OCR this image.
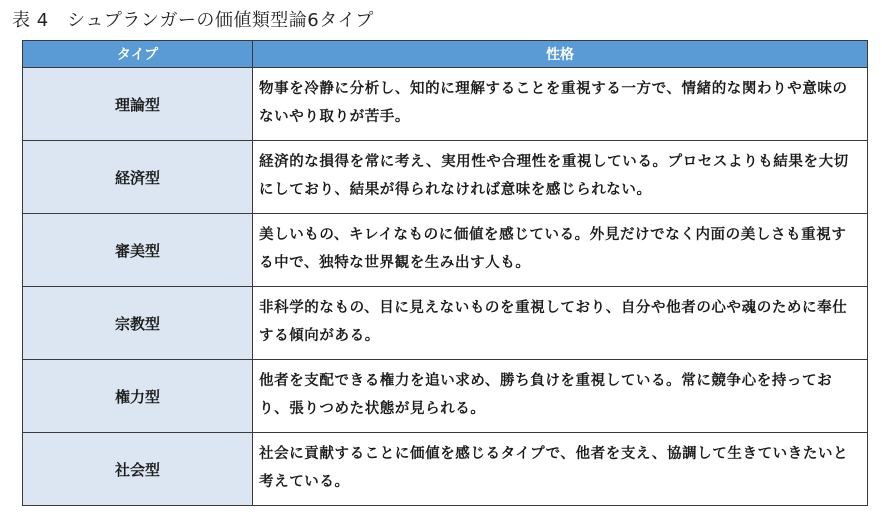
表 4　シュプランガーの価値類型論6タイプ
タイプ	性格
理論型	物事を冷静に分析し、知的に理解することを重視する一方で、情緒的な関わりや意味のないやり取りが苦手。
経済型	経済的な損得を常に考え、実用性や合理性を重視している。プロセスよりも結果を大切にしており、結果が得られなければ意味を感じられない。
審美型	美しいもの、キレイなものに価値を感じている。外見だけでなく内面の美しさも重視する中で、独特な世界観を生み出す人も。
宗教型	非科学的なもの、目に見えないものを重視しており、自分や他者の心や魂のために奉仕する傾向がある。
権力型	他者を支配できる権力を追い求め、勝ち負けを重視している。常に競争心を持っており、張りつめた状態が見られる。
社会型	社会に貢献することに価値を感じるタイプで、他者を支え、協調して生きていきたいと考えている。
